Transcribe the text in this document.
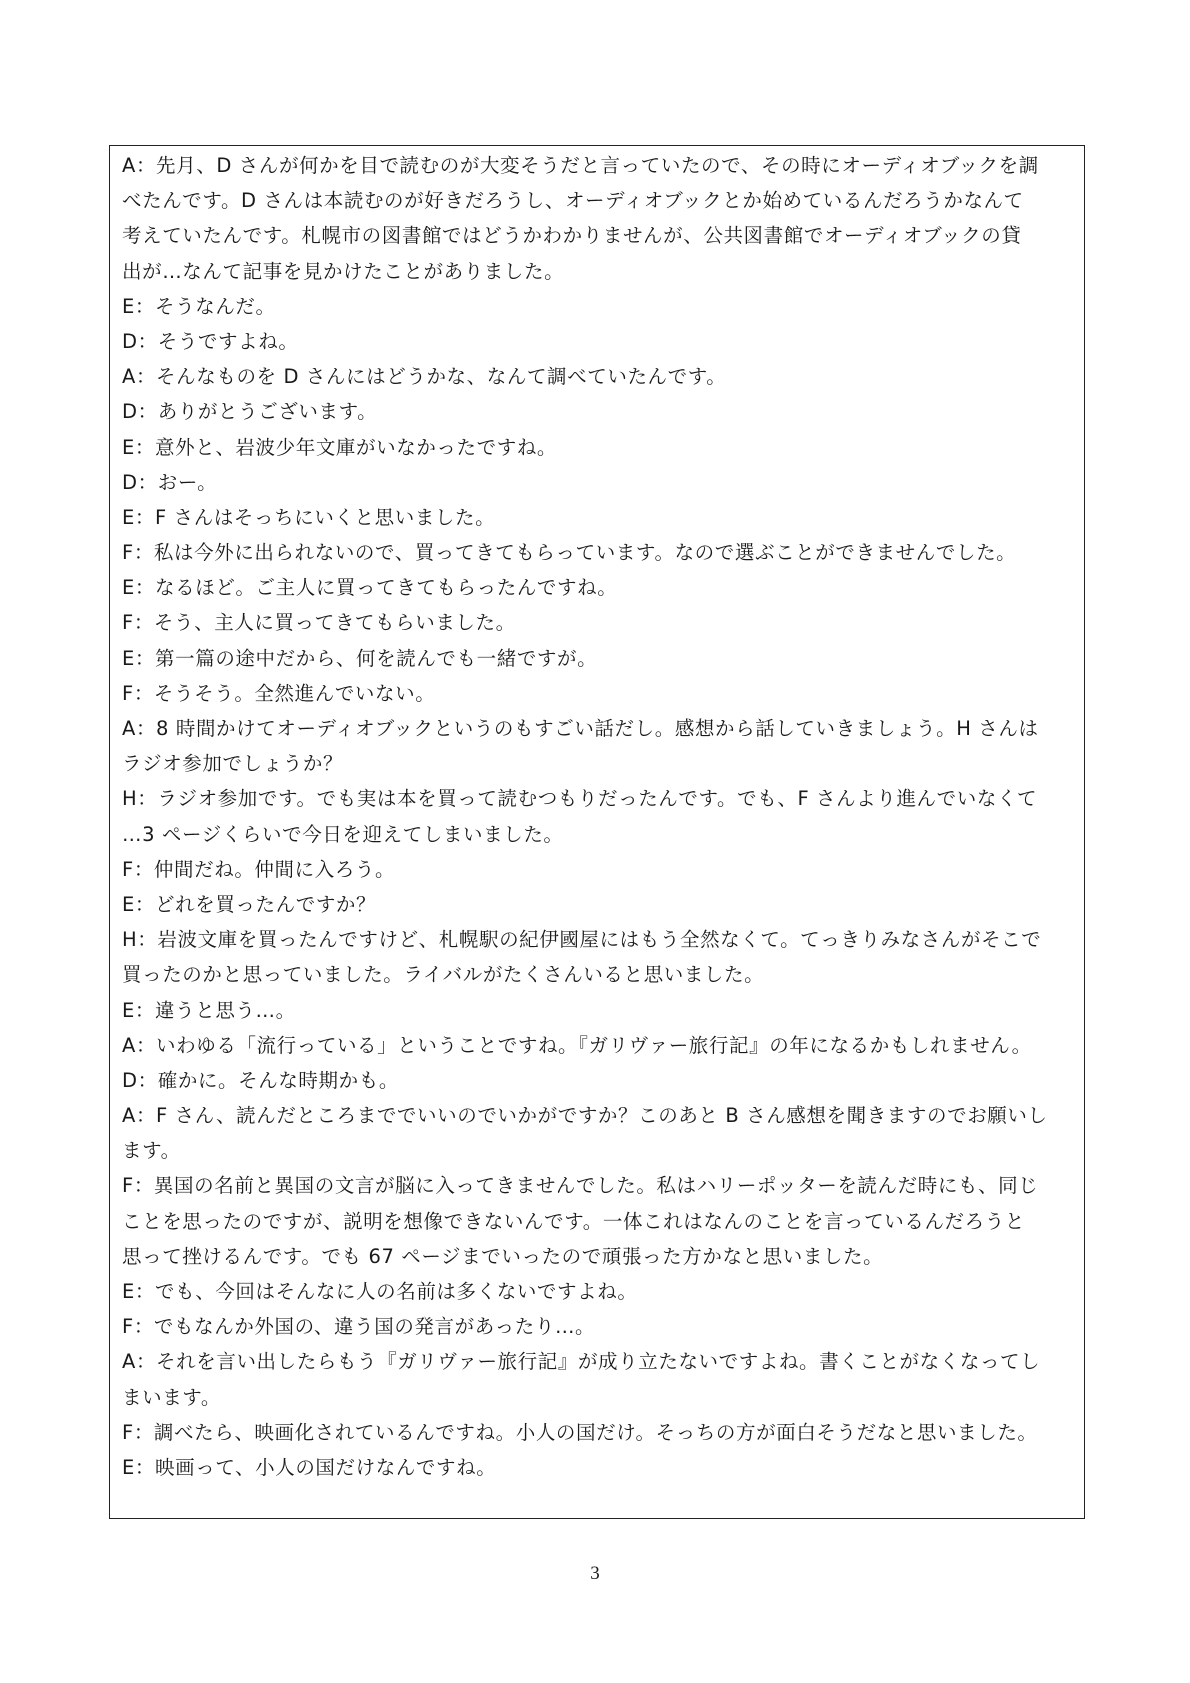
A：先月、D さんが何かを目で読むのが大変そうだと言っていたので、その時にオーディオブックを調
べたんです。D さんは本読むのが好きだろうし、オーディオブックとか始めているんだろうかなんて
考えていたんです。札幌市の図書館ではどうかわかりませんが、公共図書館でオーディオブックの貸
出が…なんて記事を見かけたことがありました。
E：そうなんだ。
D：そうですよね。
A：そんなものを D さんにはどうかな、なんて調べていたんです。
D：ありがとうございます。
E：意外と、岩波少年文庫がいなかったですね。
D：おー。
E：F さんはそっちにいくと思いました。
F：私は今外に出られないので、買ってきてもらっています。なので選ぶことができませんでした。
E：なるほど。ご主人に買ってきてもらったんですね。
F：そう、主人に買ってきてもらいました。
E：第一篇の途中だから、何を読んでも一緒ですが。
F：そうそう。全然進んでいない。
A：8 時間かけてオーディオブックというのもすごい話だし。感想から話していきましょう。H さんは
ラジオ参加でしょうか？
H：ラジオ参加です。でも実は本を買って読むつもりだったんです。でも、F さんより進んでいなくて
…3 ページくらいで今日を迎えてしまいました。
F：仲間だね。仲間に入ろう。
E：どれを買ったんですか？
H：岩波文庫を買ったんですけど、札幌駅の紀伊國屋にはもう全然なくて。てっきりみなさんがそこで
買ったのかと思っていました。ライバルがたくさんいると思いました。
E：違うと思う…。
A：いわゆる「流行っている」ということですね。『ガリヴァー旅行記』の年になるかもしれません。
D：確かに。そんな時期かも。
A：F さん、読んだところまででいいのでいかがですか？このあと B さん感想を聞きますのでお願いし
ます。
F：異国の名前と異国の文言が脳に入ってきませんでした。私はハリーポッターを読んだ時にも、同じ
ことを思ったのですが、説明を想像できないんです。一体これはなんのことを言っているんだろうと
思って挫けるんです。でも 67 ページまでいったので頑張った方かなと思いました。
E：でも、今回はそんなに人の名前は多くないですよね。
F：でもなんか外国の、違う国の発言があったり…。
A：それを言い出したらもう『ガリヴァー旅行記』が成り立たないですよね。書くことがなくなってし
まいます。
F：調べたら、映画化されているんですね。小人の国だけ。そっちの方が面白そうだなと思いました。
E：映画って、小人の国だけなんですね。
3
